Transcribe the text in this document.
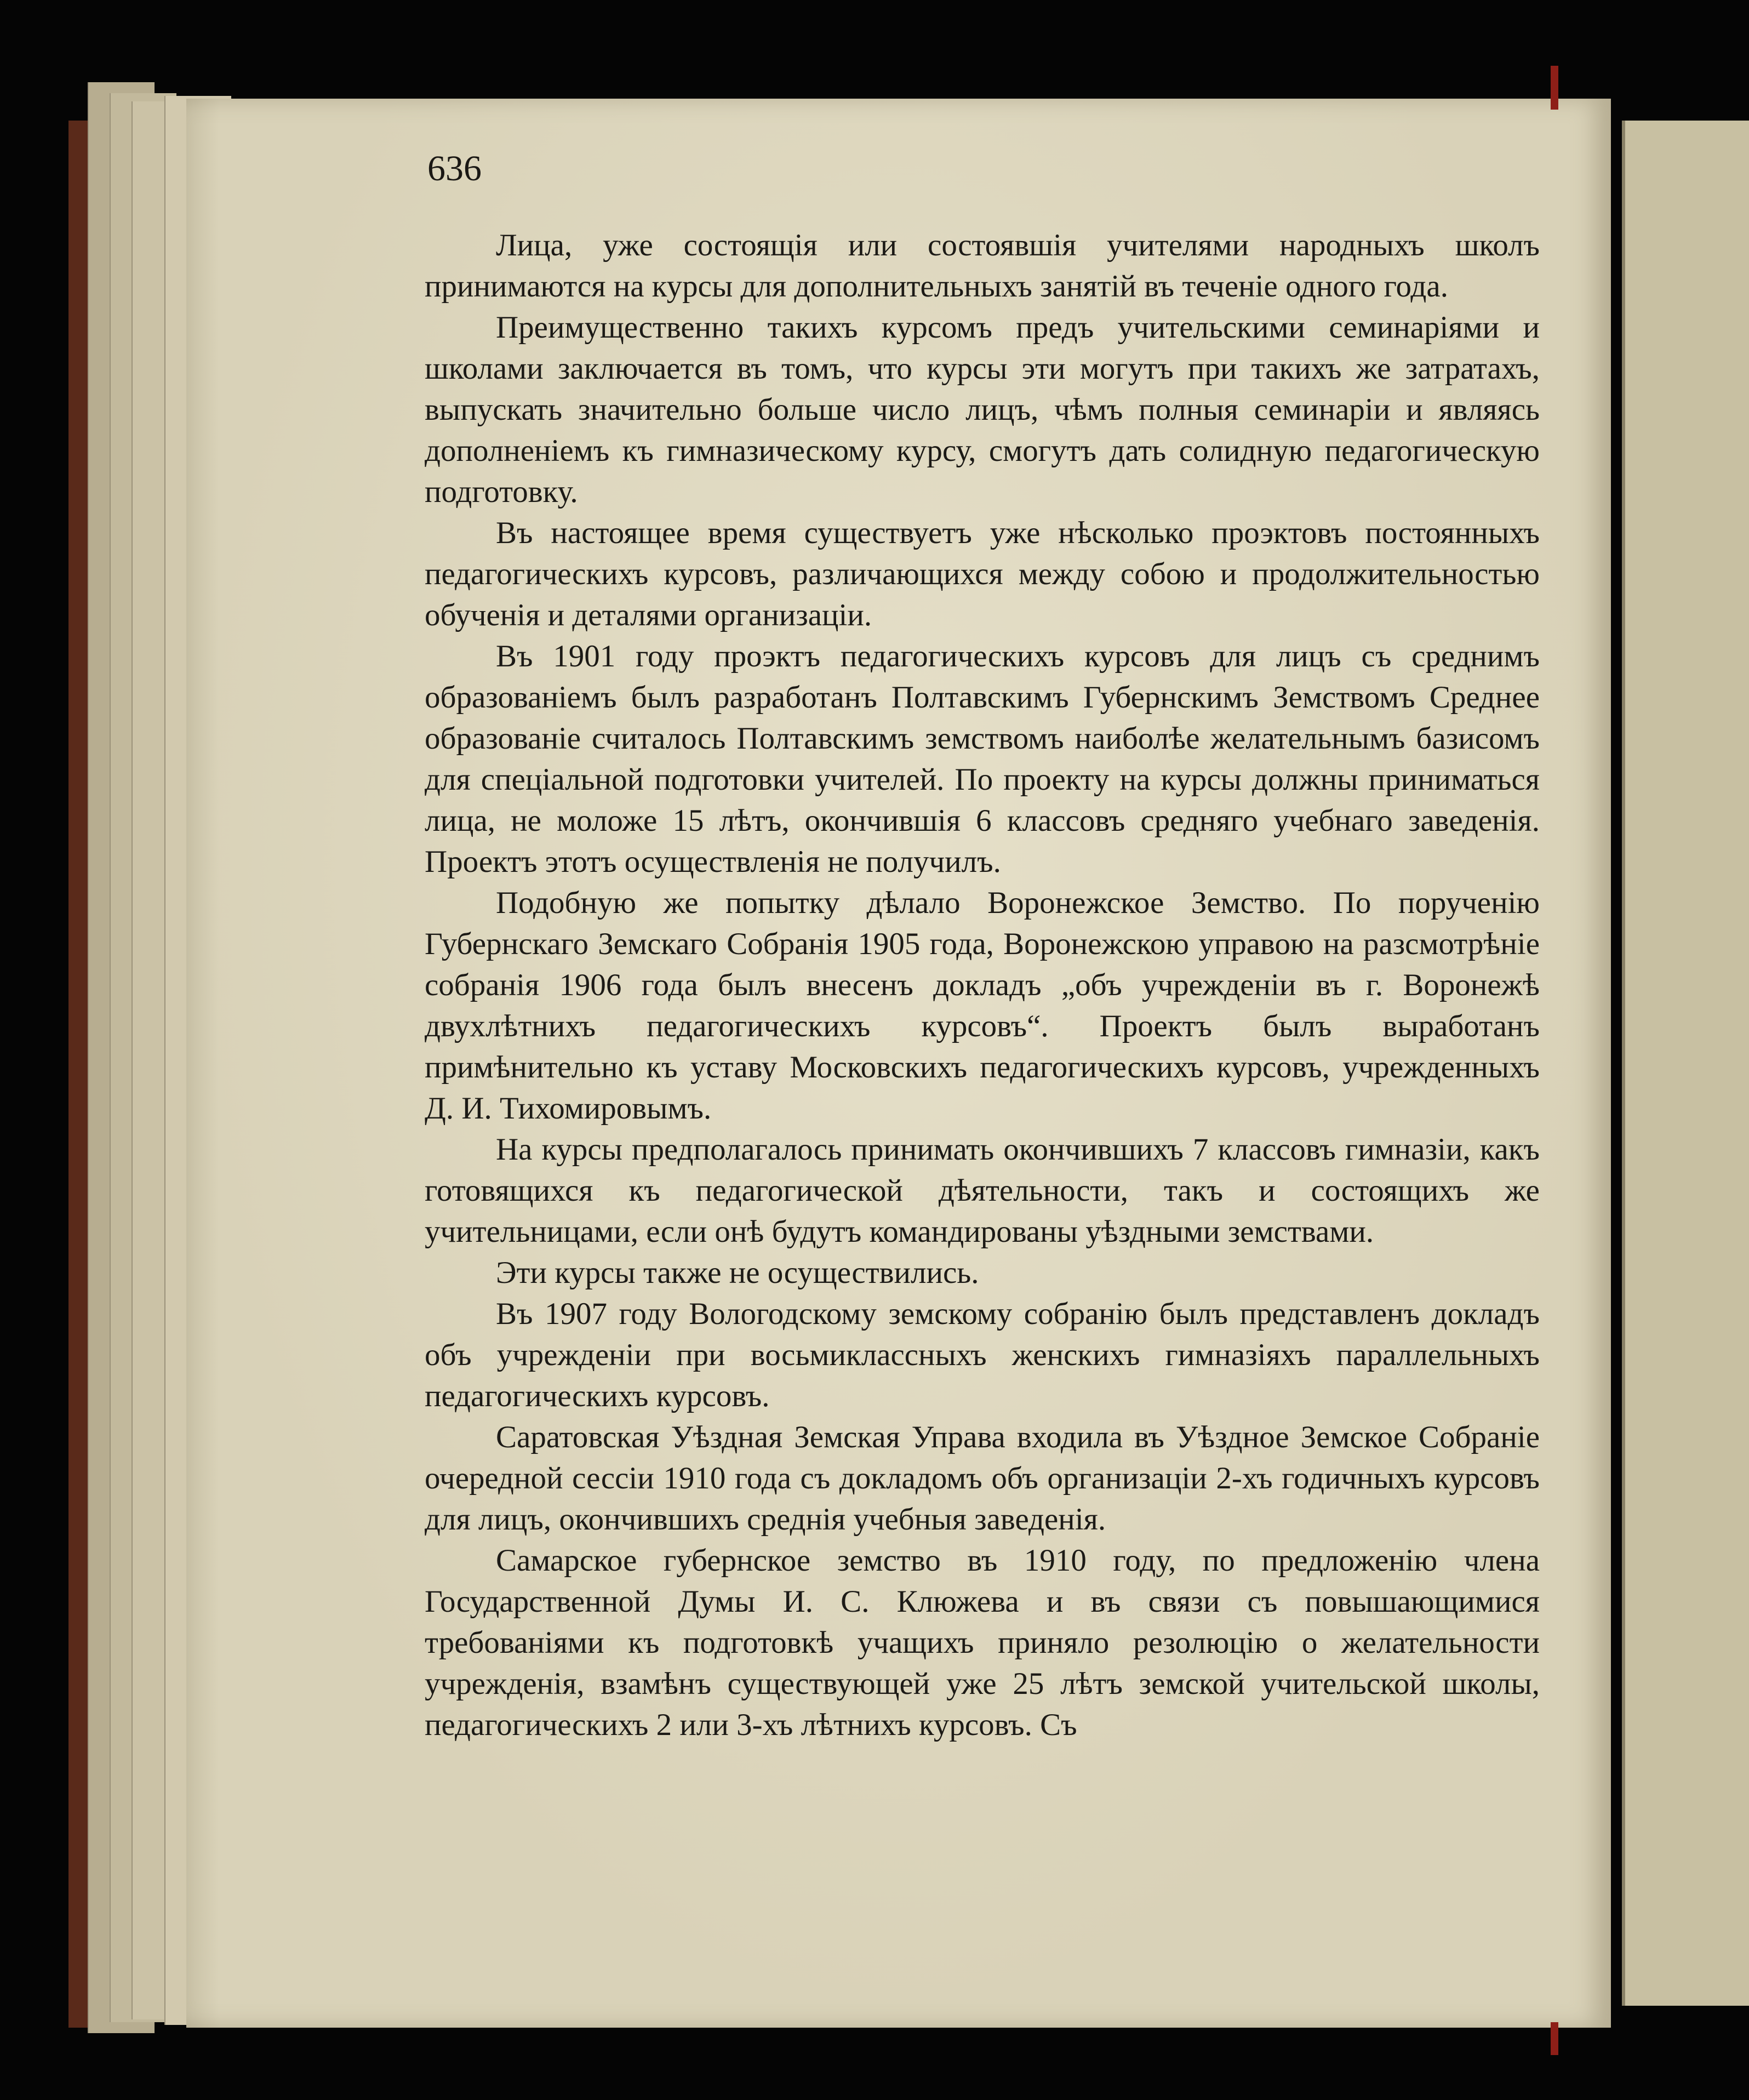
636

Лица, уже состоящія или состоявшія учителями народныхъ школъ принимаются на курсы для дополнительныхъ занятій въ теченіе одного года.

Преимущественно такихъ курсомъ предъ учительскими семинаріями и школами заключается въ томъ, что курсы эти могутъ при такихъ же затратахъ, выпускать значительно больше число лицъ, чѣмъ полныя семинаріи и являясь дополненіемъ къ гимназическому курсу, смогутъ дать солидную педагогическую подготовку.

Въ настоящее время существуетъ уже нѣсколько проэктовъ постоянныхъ педагогическихъ курсовъ, различающихся между собою и продолжительностью обученія и деталями организаціи.

Въ 1901 году проэктъ педагогическихъ курсовъ для лицъ съ среднимъ образованіемъ былъ разработанъ Полтавскимъ Губернскимъ Земствомъ Среднее образованіе считалось Полтавскимъ земствомъ наиболѣе желательнымъ базисомъ для спеціальной подготовки учителей. По проекту на курсы должны приниматься лица, не моложе 15 лѣтъ, окончившія 6 классовъ средняго учебнаго заведенія. Проектъ этотъ осуществленія не получилъ.

Подобную же попытку дѣлало Воронежское Земство. По порученію Губернскаго Земскаго Собранія 1905 года, Воронежскою управою на разсмотрѣніе собранія 1906 года былъ внесенъ докладъ „объ учрежденіи въ г. Воронежѣ двухлѣтнихъ педагогическихъ курсовъ“. Проектъ былъ выработанъ примѣнительно къ уставу Московскихъ педагогическихъ курсовъ, учрежденныхъ Д. И. Тихомировымъ.

На курсы предполагалось принимать окончившихъ 7 классовъ гимназіи, какъ готовящихся къ педагогической дѣятельности, такъ и состоящихъ же учительницами, если онѣ будутъ командированы уѣздными земствами.

Эти курсы также не осуществились.

Въ 1907 году Вологодскому земскому собранію былъ представленъ докладъ объ учрежденіи при восьмиклассныхъ женскихъ гимназіяхъ параллельныхъ педагогическихъ курсовъ.

Саратовская Уѣздная Земская Управа входила въ Уѣздное Земское Собраніе очередной сессіи 1910 года съ докладомъ объ организаціи 2-хъ годичныхъ курсовъ для лицъ, окончившихъ среднія учебныя заведенія.

Самарское губернское земство въ 1910 году, по предложенію члена Государственной Думы И. С. Клюжева и въ связи съ повышающимися требованіями къ подготовкѣ учащихъ приняло резолюцію о желательности учрежденія, взамѣнъ существующей уже 25 лѣтъ земской учительской школы, педагогическихъ 2 или 3-хъ лѣтнихъ курсовъ. Съ
